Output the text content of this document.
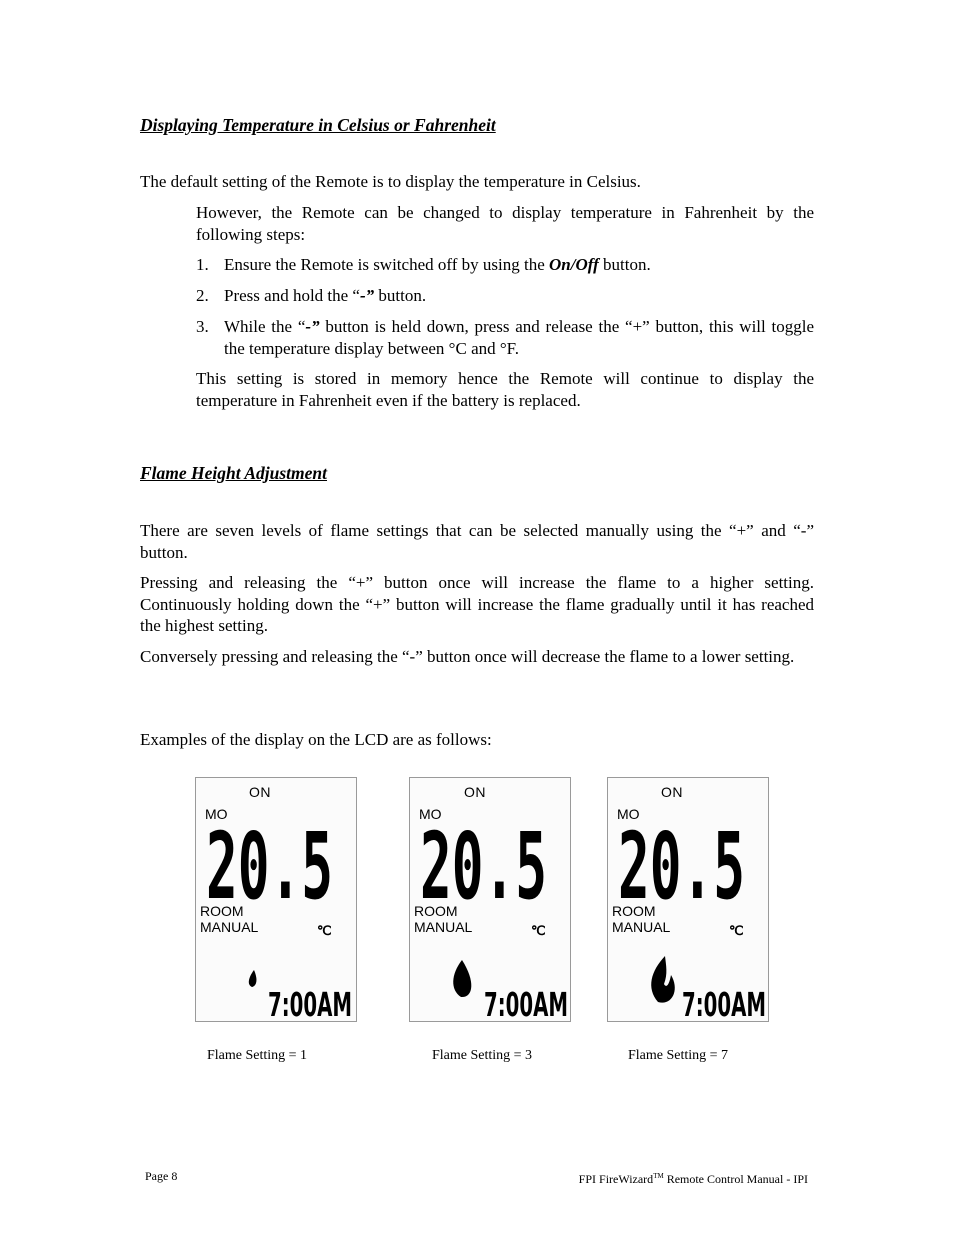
Displaying Temperature in Celsius or Fahrenheit

The default setting of the Remote is to display the temperature in Celsius.

However, the Remote can be changed to display temperature in Fahrenheit by the following steps:

1. Ensure the Remote is switched off by using the On/Off button.
2. Press and hold the “-” button.
3. While the “-” button is held down, press and release the “+” button, this will toggle the temperature display between °C and °F.

This setting is stored in memory hence the Remote will continue to display the temperature in Fahrenheit even if the battery is replaced.

Flame Height Adjustment

There are seven levels of flame settings that can be selected manually using the “+” and “-” button.

Pressing and releasing the “+” button once will increase the flame to a higher setting. Continuously holding down the “+” button will increase the flame gradually until it has reached the highest setting.

Conversely pressing and releasing the “-” button once will decrease the flame to a lower setting.

Examples of the display on the LCD are as follows:

ON
MO
20.5
7:00AM
ROOM
MANUAL	℃
ON
MO
20.5
7:00AM
ROOM
MANUAL	℃
ON
MO
20.5
7:00AM
ROOM
MANUAL	℃
Flame Setting = 1	Flame Setting = 3	Flame Setting = 7
Page 8	FPI FireWizard™ Remote Control Manual - IPI
